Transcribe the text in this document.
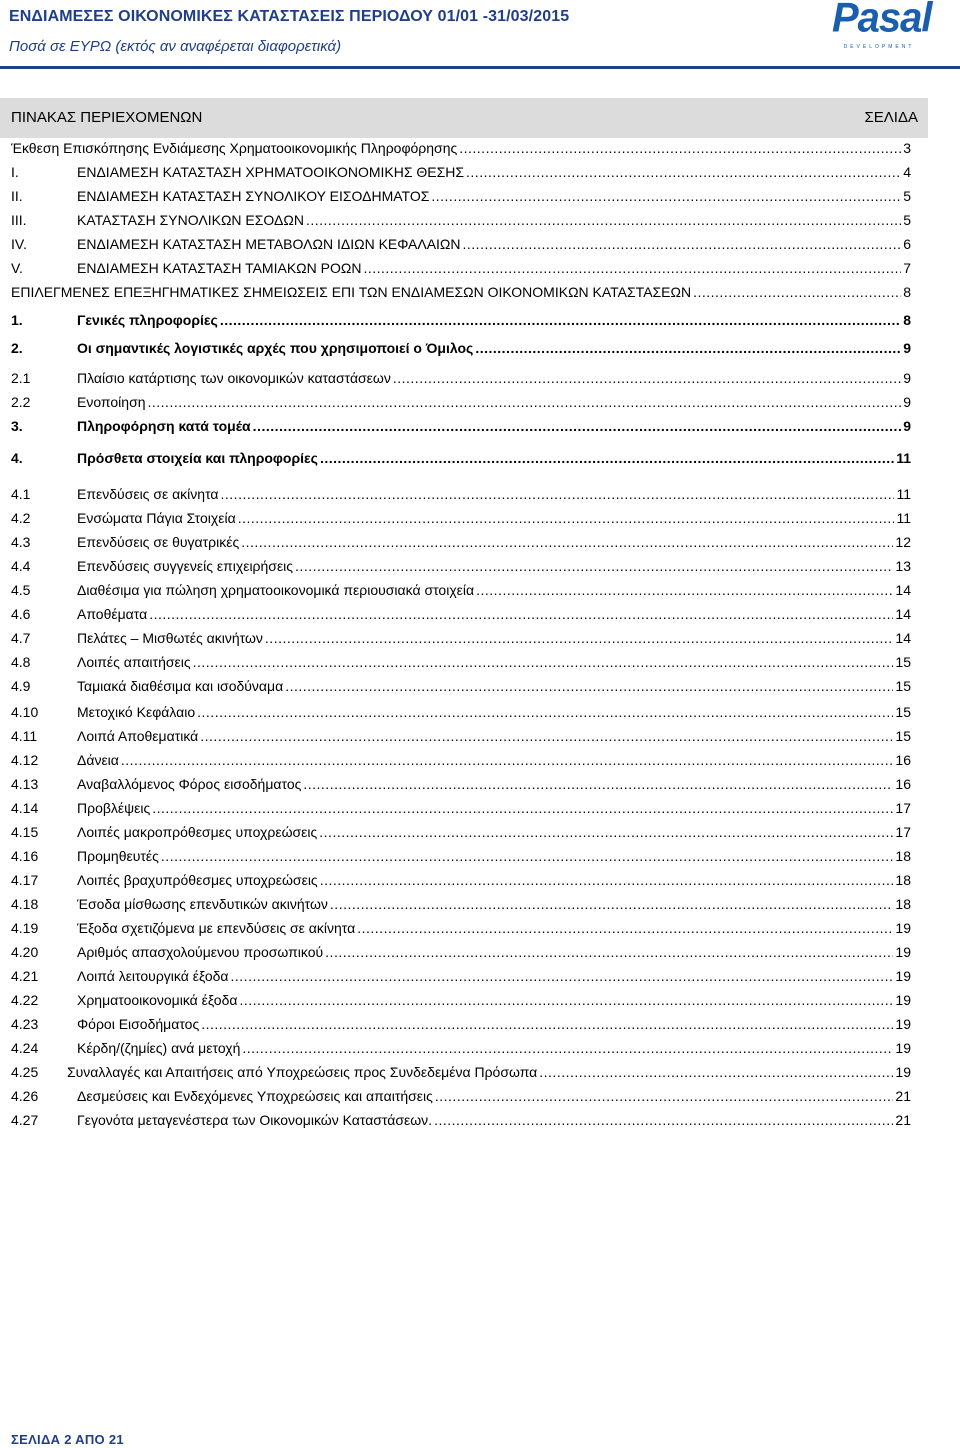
ΕΝΔΙΑΜΕΣΕΣ ΟΙΚΟΝΟΜΙΚΕΣ ΚΑΤΑΣΤΑΣΕΙΣ ΠΕΡΙΟΔΟΥ 01/01 -31/03/2015
Ποσά σε ΕΥΡΩ (εκτός αν αναφέρεται διαφορετικά)
Pasal
DEVELOPMENT
ΠΙΝΑΚΑΣ ΠΕΡΙΕΧΟΜΕΝΩΝ	ΣΕΛΙΔΑ
Έκθεση Επισκόπησης Ενδιάμεσης Χρηματοοικονομικής Πληροφόρησης .....	3
I.	ΕΝΔΙΑΜΕΣΗ ΚΑΤΑΣΤΑΣΗ ΧΡΗΜΑΤΟΟΙΚΟΝΟΜΙΚΗΣ ΘΕΣΗΣ .....	4
II.	ΕΝΔΙΑΜΕΣΗ ΚΑΤΑΣΤΑΣΗ ΣΥΝΟΛΙΚΟΥ ΕΙΣΟΔΗΜΑΤΟΣ .....	5
III.	ΚΑΤΑΣΤΑΣΗ ΣΥΝΟΛΙΚΩΝ ΕΣΟΔΩΝ .....	5
IV.	ΕΝΔΙΑΜΕΣΗ ΚΑΤΑΣΤΑΣΗ ΜΕΤΑΒΟΛΩΝ ΙΔΙΩΝ ΚΕΦΑΛΑΙΩΝ .....	6
V.	ΕΝΔΙΑΜΕΣΗ ΚΑΤΑΣΤΑΣΗ ΤΑΜΙΑΚΩΝ ΡΟΩΝ .....	7
ΕΠΙΛΕΓΜΕΝΕΣ ΕΠΕΞΗΓΗΜΑΤΙΚΕΣ ΣΗΜΕΙΩΣΕΙΣ ΕΠΙ ΤΩΝ ΕΝΔΙΑΜΕΣΩΝ ΟΙΚΟΝΟΜΙΚΩΝ ΚΑΤΑΣΤΑΣΕΩΝ .....	8
1.	Γενικές πληροφορίες .....	8
2.	Οι σημαντικές λογιστικές αρχές που χρησιμοποιεί ο Όμιλος .....	9
2.1	Πλαίσιο κατάρτισης των οικονομικών καταστάσεων .....	9
2.2	Ενοποίηση .....	9
3.	Πληροφόρηση κατά τομέα .....	9
4.	Πρόσθετα στοιχεία και πληροφορίες .....	11
4.1	Επενδύσεις σε ακίνητα .....	11
4.2	Ενσώματα Πάγια Στοιχεία .....	11
4.3	Επενδύσεις σε θυγατρικές .....	12
4.4	Επενδύσεις συγγενείς επιχειρήσεις .....	13
4.5	Διαθέσιμα για πώληση χρηματοοικονομικά περιουσιακά στοιχεία .....	14
4.6	Αποθέματα .....	14
4.7	Πελάτες – Μισθωτές ακινήτων .....	14
4.8	Λοιπές απαιτήσεις .....	15
4.9	Ταμιακά διαθέσιμα και ισοδύναμα .....	15
4.10	Μετοχικό Κεφάλαιο .....	15
4.11	Λοιπά Αποθεματικά .....	15
4.12	Δάνεια .....	16
4.13	Αναβαλλόμενος Φόρος εισοδήματος .....	16
4.14	Προβλέψεις .....	17
4.15	Λοιπές μακροπρόθεσμες υποχρεώσεις .....	17
4.16	Προμηθευτές .....	18
4.17	Λοιπές βραχυπρόθεσμες υποχρεώσεις .....	18
4.18	Έσοδα μίσθωσης επενδυτικών ακινήτων .....	18
4.19	Έξοδα σχετιζόμενα με επενδύσεις σε ακίνητα .....	19
4.20	Αριθμός απασχολούμενου προσωπικού .....	19
4.21	Λοιπά λειτουργικά έξοδα .....	19
4.22	Χρηματοοικονομικά έξοδα .....	19
4.23	Φόροι Εισοδήματος .....	19
4.24	Κέρδη/(ζημίες) ανά μετοχή .....	19
4.25	Συναλλαγές και Απαιτήσεις από Υποχρεώσεις προς Συνδεδεμένα Πρόσωπα .....	19
4.26	Δεσμεύσεις και Ενδεχόμενες Υποχρεώσεις και απαιτήσεις .....	21
4.27	Γεγονότα μεταγενέστερα των Οικονομικών Καταστάσεων. .....	21
ΣΕΛΙΔΑ 2 ΑΠΟ 21
